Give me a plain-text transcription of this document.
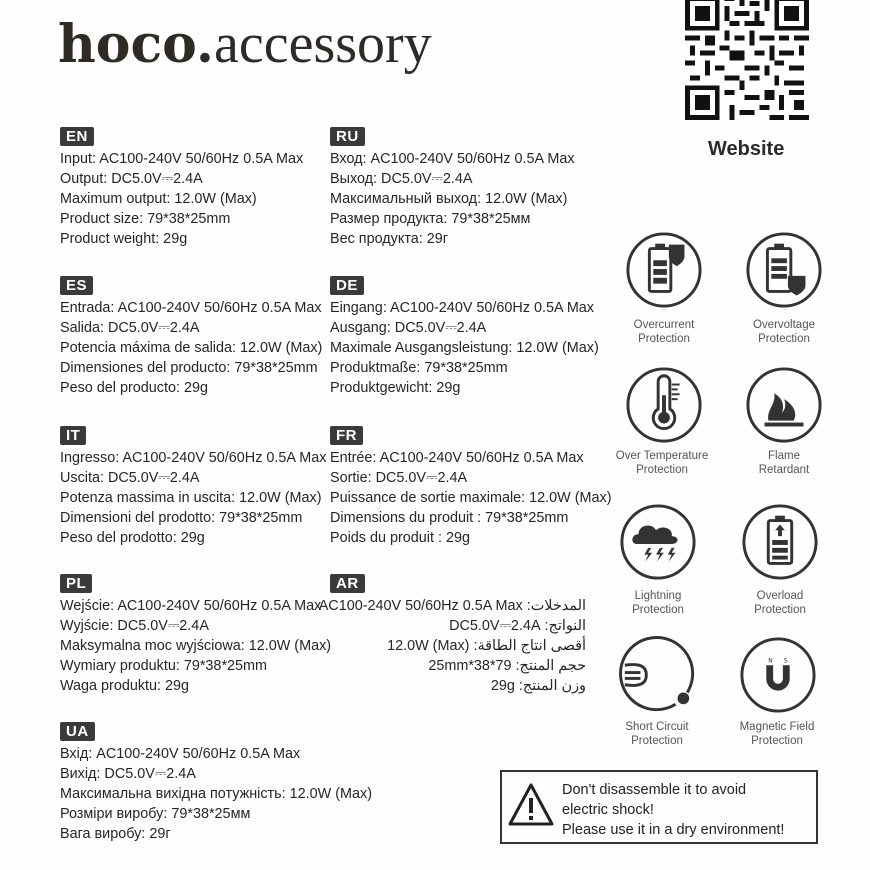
hoco.accessory
Website
EN
Input: AC100-240V 50/60Hz 0.5A Max
Output: DC5.0V⎓2.4A
Maximum output: 12.0W (Max)
Product size: 79*38*25mm
Product weight: 29g
RU
Вход: AC100-240V 50/60Hz 0.5A Max
Выход: DC5.0V⎓2.4A
Максимальный выход: 12.0W (Max)
Размер продукта: 79*38*25мм
Вес продукта: 29г
ES
Entrada: AC100-240V 50/60Hz 0.5A Max
Salida: DC5.0V⎓2.4A
Potencia máxima de salida: 12.0W (Max)
Dimensiones del producto: 79*38*25mm
Peso del producto: 29g
DE
Eingang: AC100-240V 50/60Hz 0.5A Max
Ausgang: DC5.0V⎓2.4A
Maximale Ausgangsleistung: 12.0W (Max)
Produktmaße: 79*38*25mm
Produktgewicht: 29g
IT
Ingresso: AC100-240V 50/60Hz 0.5A Max
Uscita: DC5.0V⎓2.4A
Potenza massima in uscita: 12.0W (Max)
Dimensioni del prodotto: 79*38*25mm
Peso del prodotto: 29g
FR
Entrée: AC100-240V 50/60Hz 0.5A Max
Sortie: DC5.0V⎓2.4A
Puissance de sortie maximale: 12.0W (Max)
Dimensions du produit : 79*38*25mm
Poids du produit : 29g
PL
Wejście: AC100-240V 50/60Hz 0.5A Max
Wyjście: DC5.0V⎓2.4A
Maksymalna moc wyjściowa: 12.0W (Max)
Wymiary produktu: 79*38*25mm
Waga produktu: 29g
AR
المدخلات: AC100-240V 50/60Hz 0.5A Max
النواتج: DC5.0V⎓2.4A
أقصى انتاج الطاقة: 12.0W (Max)
حجم المنتج: 79*38*25mm
وزن المنتج: 29g
UA
Вхід: AC100-240V 50/60Hz 0.5A Max
Вихід: DC5.0V⎓2.4A
Максимальна вихідна потужність: 12.0W (Max)
Розміри виробу: 79*38*25мм
Вага виробу: 29г
Overcurrent
Protection
Overvoltage
Protection
Over Temperature
Protection
Flame
Retardant
Lightning
Protection
Overload
Protection
Short Circuit
Protection
N S
Magnetic Field
Protection
Don't disassemble it to avoid
electric shock!
Please use it in a dry environment!
